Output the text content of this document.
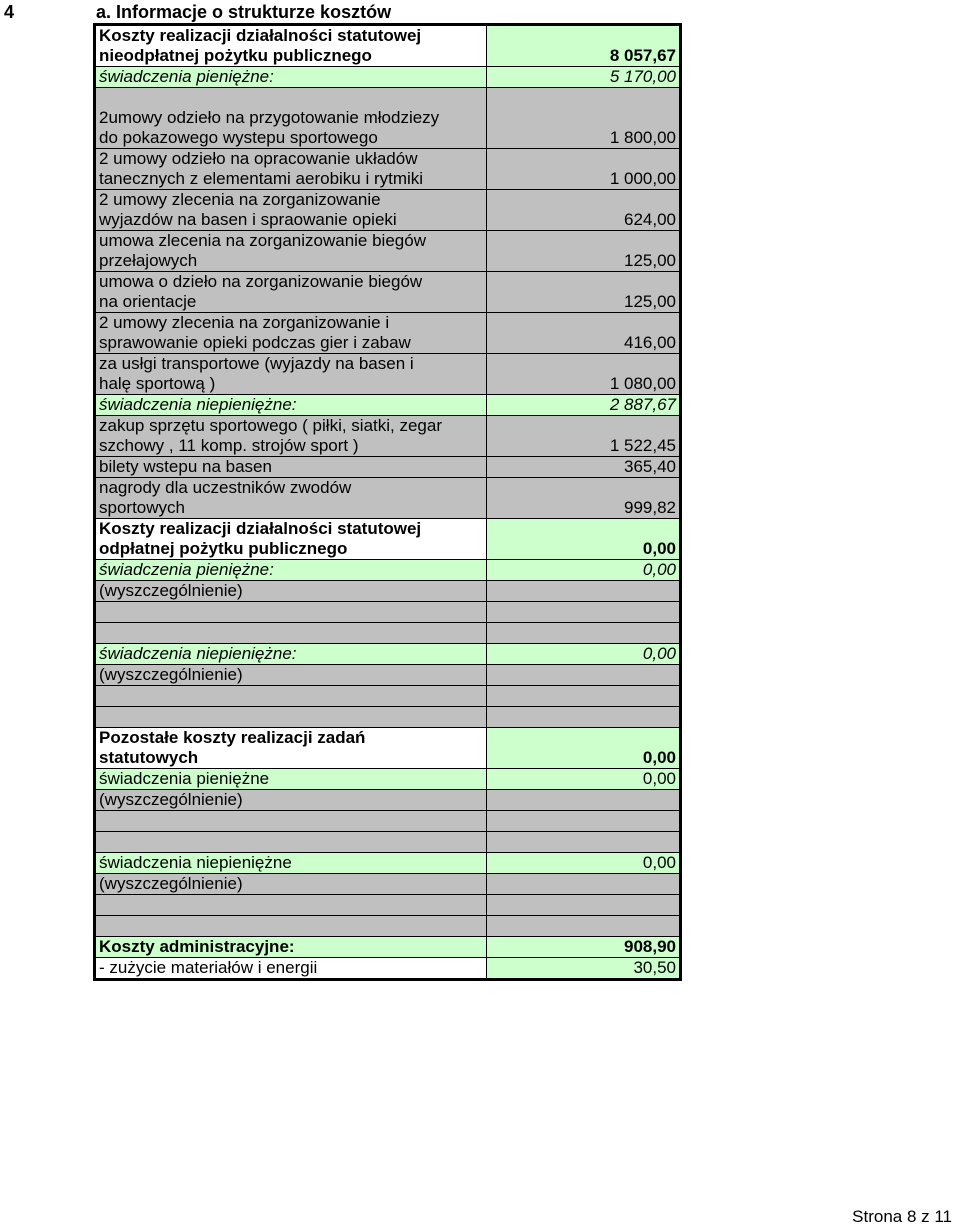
4	a. Informacje o strukturze kosztów
Koszty realizacji działalności statutowej
nieodpłatnej pożytku publicznego	8 057,67

świadczenia pieniężne:	5 170,00

2umowy odzieło na przygotowanie młodziezy
do pokazowego wystepu sportowego	1 800,00

2 umowy odzieło na opracowanie układów
tanecznych z elementami aerobiku i rytmiki	1 000,00

2 umowy zlecenia na zorganizowanie
wyjazdów na basen i spraowanie opieki	624,00

umowa zlecenia na zorganizowanie biegów
przełajowych	125,00

umowa o dzieło na zorganizowanie biegów
na orientacje	125,00

2 umowy zlecenia na zorganizowanie i
sprawowanie opieki podczas gier i zabaw	416,00

za usłgi transportowe (wyjazdy na basen i
halę sportową )	1 080,00

świadczenia niepieniężne:	2 887,67

zakup sprzętu sportowego ( piłki, siatki, zegar
szchowy , 11 komp. strojów sport )	1 522,45

bilety wstepu na basen	365,40

nagrody dla uczestników zwodów
sportowych	999,82

Koszty realizacji działalności statutowej
odpłatnej pożytku publicznego	0,00

świadczenia pieniężne:	0,00

(wyszczególnienie)	

świadczenia niepieniężne:	0,00

(wyszczególnienie)	

Pozostałe koszty realizacji zadań
statutowych	0,00

świadczenia pieniężne	0,00

(wyszczególnienie)	

świadczenia niepieniężne	0,00

(wyszczególnienie)	

Koszty administracyjne:	908,90

- zużycie materiałów i energii	30,50
Strona 8 z 11
